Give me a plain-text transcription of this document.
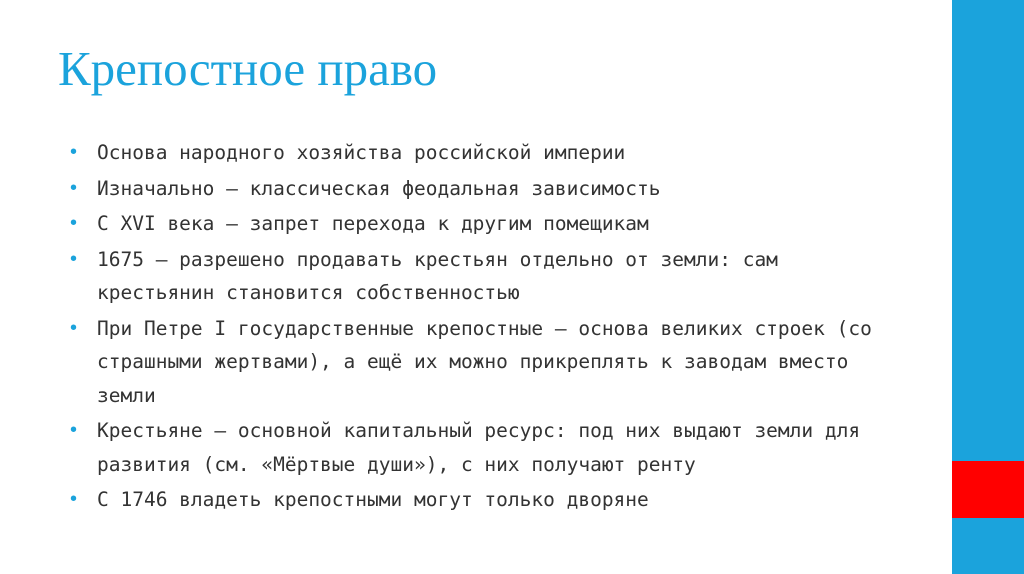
Крепостное право
• Основа народного хозяйства российской империи
• Изначально – классическая феодальная зависимость
• С XVI века – запрет перехода к другим помещикам
• 1675 – разрешено продавать крестьян отдельно от земли: сам крестьянин становится собственностью
• При Петре I государственные крепостные – основа великих строек (со страшными жертвами), а ещё их можно прикреплять к заводам вместо земли
• Крестьяне – основной капитальный ресурс: под них выдают земли для развития (см. «Мёртвые души»), с них получают ренту
• С 1746 владеть крепостными могут только дворяне
